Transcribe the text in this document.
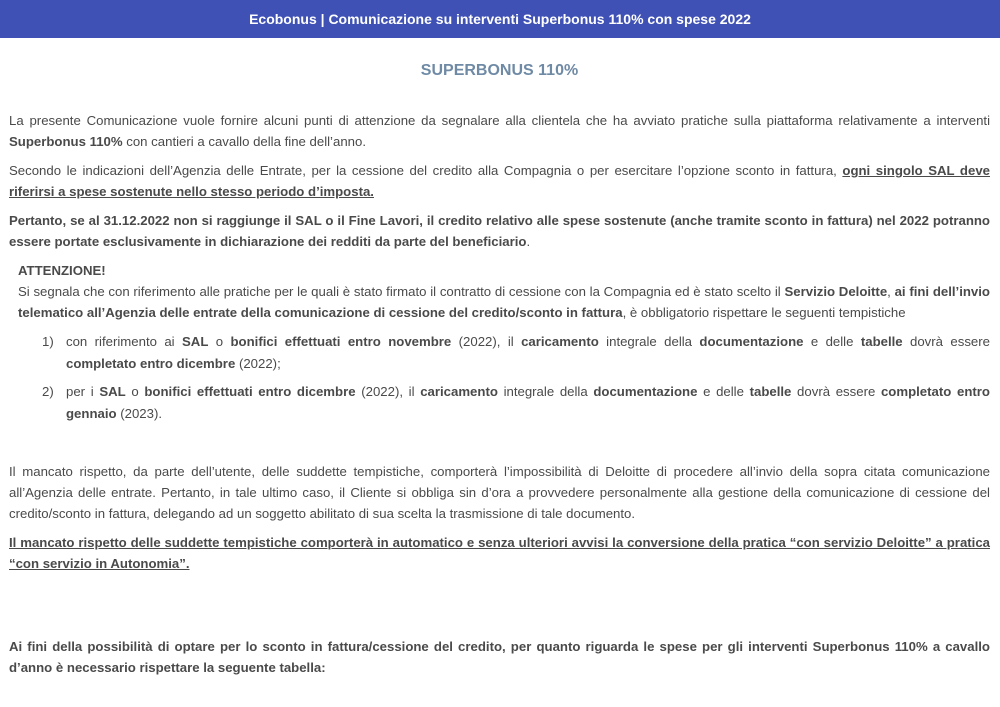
Ecobonus | Comunicazione su interventi Superbonus 110% con spese 2022
SUPERBONUS 110%

La presente Comunicazione vuole fornire alcuni punti di attenzione da segnalare alla clientela che ha avviato pratiche sulla piattaforma relativamente a interventi Superbonus 110% con cantieri a cavallo della fine dell’anno.

Secondo le indicazioni dell’Agenzia delle Entrate, per la cessione del credito alla Compagnia o per esercitare l’opzione sconto in fattura, ogni singolo SAL deve riferirsi a spese sostenute nello stesso periodo d’imposta.

Pertanto, se al 31.12.2022 non si raggiunge il SAL o il Fine Lavori, il credito relativo alle spese sostenute (anche tramite sconto in fattura) nel 2022 potranno essere portate esclusivamente in dichiarazione dei redditi da parte del beneficiario.

ATTENZIONE!

Si segnala che con riferimento alle pratiche per le quali è stato firmato il contratto di cessione con la Compagnia ed è stato scelto il Servizio Deloitte, ai fini dell’invio telematico all’Agenzia delle entrate della comunicazione di cessione del credito/sconto in fattura, è obbligatorio rispettare le seguenti tempistiche

1) con riferimento ai SAL o bonifici effettuati entro novembre (2022), il caricamento integrale della documentazione e delle tabelle dovrà essere completato entro dicembre (2022);
2) per i SAL o bonifici effettuati entro dicembre (2022), il caricamento integrale della documentazione e delle tabelle dovrà essere completato entro gennaio (2023).

Il mancato rispetto, da parte dell’utente, delle suddette tempistiche, comporterà l’impossibilità di Deloitte di procedere all’invio della sopra citata comunicazione all’Agenzia delle entrate. Pertanto, in tale ultimo caso, il Cliente si obbliga sin d’ora a provvedere personalmente alla gestione della comunicazione di cessione del credito/sconto in fattura, delegando ad un soggetto abilitato di sua scelta la trasmissione di tale documento.

Il mancato rispetto delle suddette tempistiche comporterà in automatico e senza ulteriori avvisi la conversione della pratica “con servizio Deloitte” a pratica “con servizio in Autonomia”.

Ai fini della possibilità di optare per lo sconto in fattura/cessione del credito, per quanto riguarda le spese per gli interventi Superbonus 110% a cavallo d’anno è necessario rispettare la seguente tabella:
